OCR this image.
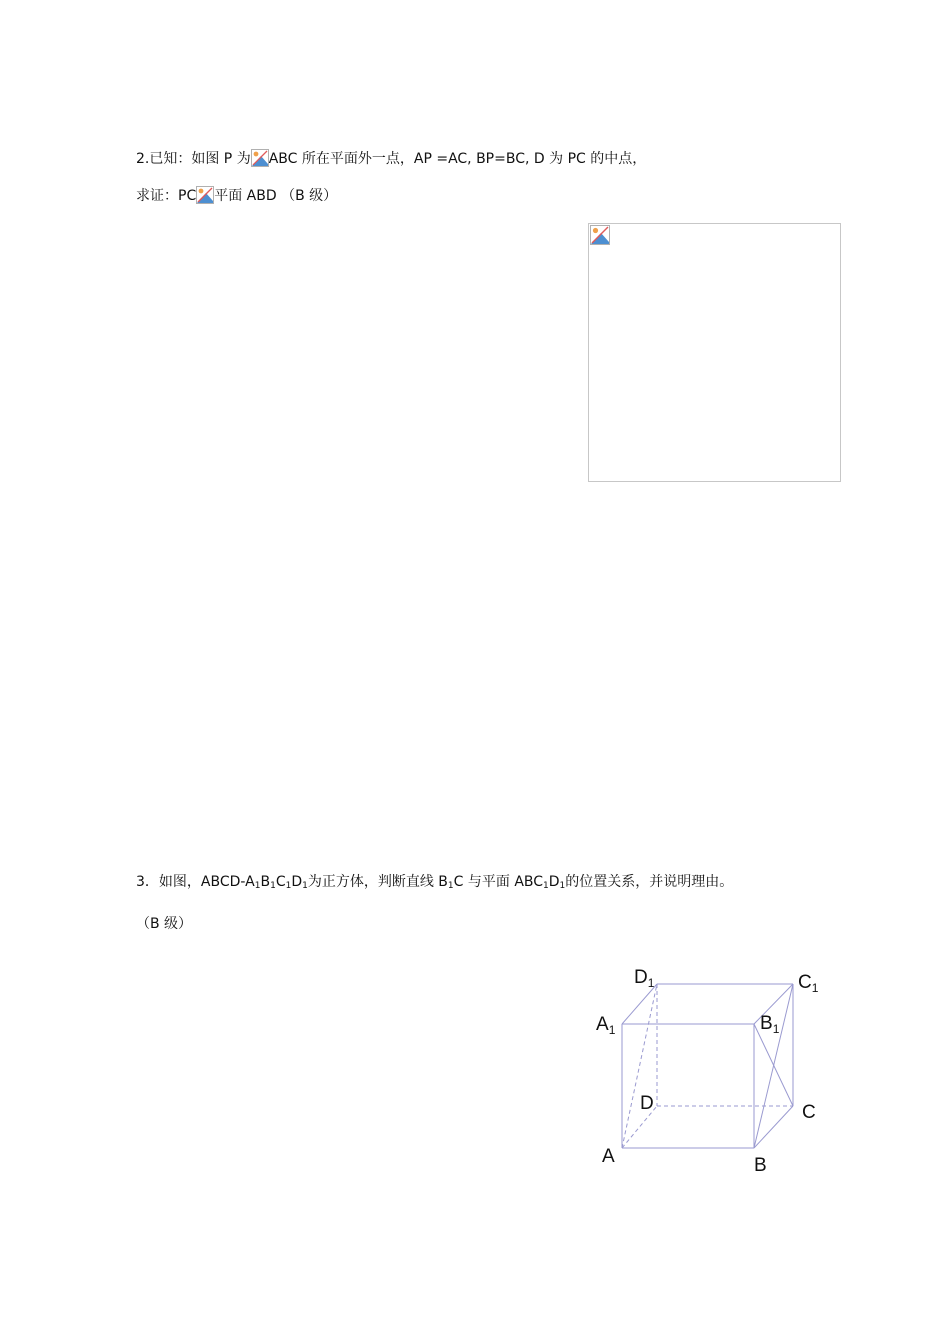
2.已知：如图 P 为 ABC 所在平面外一点，AP =AC, BP=BC, D 为 PC 的中点，
求证：PC 平面 ABD （B 级）
3．如图，ABCD-$A_1B_1C_1D_1$为正方体，判断直线 $B_1C$ 与平面 $ABC_1D_1$的位置关系，并说明理由。
（B 级）
$D_1$	$C_1$
$A_1$	$B_1$
D	C
A	B
